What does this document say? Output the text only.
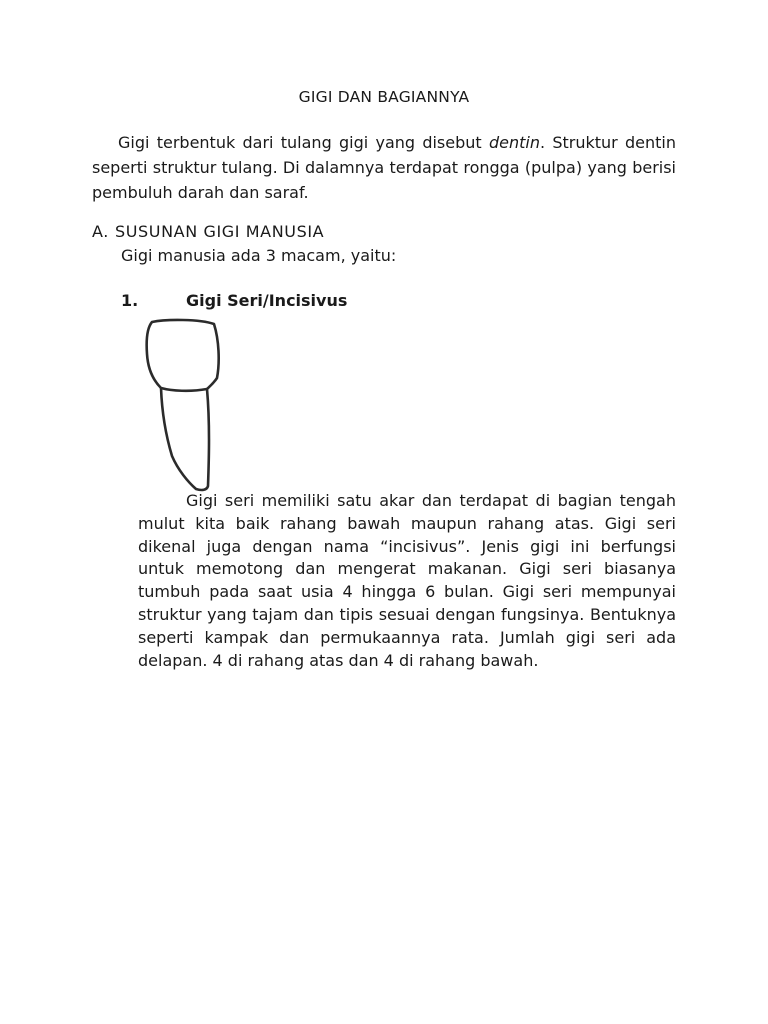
GIGI DAN BAGIANNYA

Gigi terbentuk dari tulang gigi yang disebut dentin. Struktur dentin seperti struktur tulang. Di dalamnya terdapat rongga (pulpa) yang berisi pembuluh darah dan saraf.

A. SUSUNAN GIGI MANUSIA

Gigi manusia ada 3 macam, yaitu:

1.	Gigi Seri/Incisivus

Gigi seri memiliki satu akar dan terdapat di bagian tengah mulut kita baik rahang bawah maupun rahang atas. Gigi seri dikenal juga dengan nama “incisivus”. Jenis gigi ini berfungsi untuk memotong dan mengerat makanan. Gigi seri biasanya tumbuh pada saat usia 4 hingga 6 bulan. Gigi seri mempunyai struktur yang tajam dan tipis sesuai dengan fungsinya. Bentuknya seperti kampak dan permukaannya rata. Jumlah gigi seri ada delapan. 4 di rahang atas dan 4 di rahang bawah.
